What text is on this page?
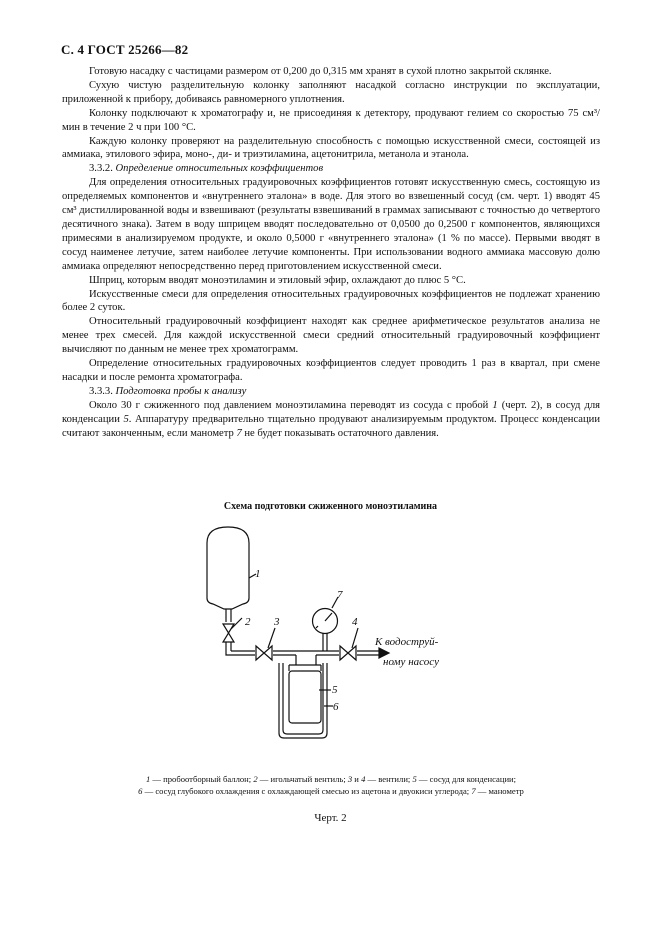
С. 4 ГОСТ 25266—82

Готовую насадку с частицами размером от 0,200 до 0,315 мм хранят в сухой плотно закрытой склянке.

Сухую чистую разделительную колонку заполняют насадкой согласно инструкции по эксплуатации, приложенной к прибору, добиваясь равномерного уплотнения.

Колонку подключают к хроматографу и, не присоединяя к детектору, продувают гелием со скоростью 75 см³/мин в течение 2 ч при 100 °С.

Каждую колонку проверяют на разделительную способность с помощью искусственной смеси, состоящей из аммиака, этилового эфира, моно-, ди- и триэтиламина, ацетонитрила, метанола и этанола.

3.3.2. Определение относительных коэффициентов

Для определения относительных градуировочных коэффициентов готовят искусственную смесь, состоящую из определяемых компонентов и «внутреннего эталона» в воде. Для этого во взвешенный сосуд (см. черт. 1) вводят 45 см³ дистиллированной воды и взвешивают (результаты взвешиваний в граммах записывают с точностью до четвертого десятичного знака). Затем в воду шприцем вводят последовательно от 0,0500 до 0,2500 г компонентов, являющихся примесями в анализируемом продукте, и около 0,5000 г «внутреннего эталона» (1 % по массе). Первыми вводят в сосуд наименее летучие, затем наиболее летучие компоненты. При использовании водного аммиака массовую долю аммиака определяют непосредственно перед приготовлением искусственной смеси.

Шприц, которым вводят моноэтиламин и этиловый эфир, охлаждают до плюс 5 °С.

Искусственные смеси для определения относительных градуировочных коэффициентов не подлежат хранению более 2 суток.

Относительный градуировочный коэффициент находят как среднее арифметическое результатов анализа не менее трех смесей. Для каждой искусственной смеси средний относительный градуировочный коэффициент вычисляют по данным не менее трех хроматограмм.

Определение относительных градуировочных коэффициентов следует проводить 1 раз в квартал, при смене насадки и после ремонта хроматографа.

3.3.3. Подготовка пробы к анализу

Около 30 г сжиженного под давлением моноэтиламина переводят из сосуда с пробой 1 (черт. 2), в сосуд для конденсации 5. Аппаратуру предварительно тщательно продувают анализируемым продуктом. Процесс конденсации считают законченным, если манометр 7 не будет показывать остаточного давления.

Схема подготовки сжиженного моноэтиламина
1
2 3	4
5
6
7
К водоструй-
ному насосу
1 — пробоотборный баллон; 2 — игольчатый вентиль; 3 и 4 — вентили; 5 — сосуд для конденсации;
6 — сосуд глубокого охлаждения с охлаждающей смесью из ацетона и двуокиси углерода; 7 — манометр
Черт. 2
